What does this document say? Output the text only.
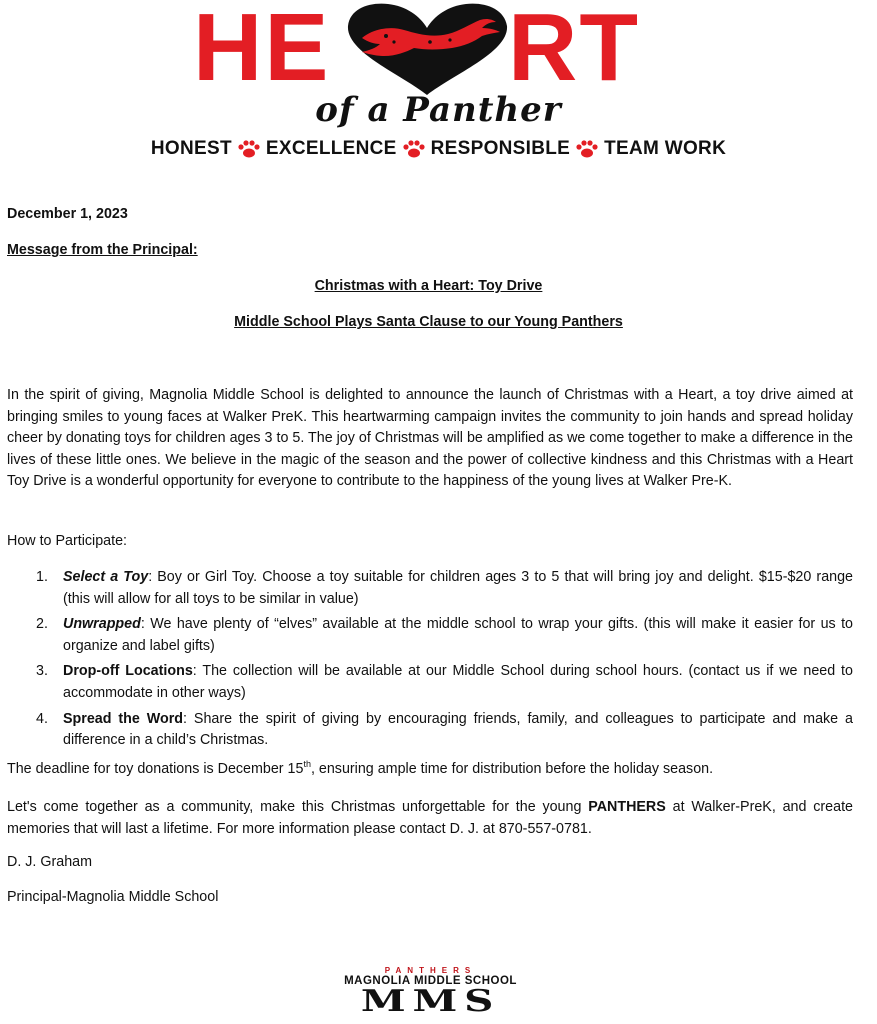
HE RT
of a Panther
HONEST EXCELLENCE RESPONSIBLE TEAM WORK
December 1, 2023
Message from the Principal:
Christmas with a Heart: Toy Drive
Middle School Plays Santa Clause to our Young Panthers

In the spirit of giving, Magnolia Middle School is delighted to announce the launch of Christmas with a Heart, a toy drive aimed at bringing smiles to young faces at Walker PreK. This heartwarming campaign invites the community to join hands and spread holiday cheer by donating toys for children ages 3 to 5. The joy of Christmas will be amplified as we come together to make a difference in the lives of these little ones. We believe in the magic of the season and the power of collective kindness and this Christmas with a Heart Toy Drive is a wonderful opportunity for everyone to contribute to the happiness of the young lives at Walker Pre-K.

How to Participate:
1. Select a Toy: Boy or Girl Toy. Choose a toy suitable for children ages 3 to 5 that will bring joy and delight. $15-$20 range (this will allow for all toys to be similar in value)
2. Unwrapped: We have plenty of “elves” available at the middle school to wrap your gifts. (this will make it easier for us to organize and label gifts)
3. Drop-off Locations: The collection will be available at our Middle School during school hours. (contact us if we need to accommodate in other ways)
4. Spread the Word: Share the spirit of giving by encouraging friends, family, and colleagues to participate and make a difference in a child’s Christmas.
The deadline for toy donations is December 15th, ensuring ample time for distribution before the holiday season.

Let's come together as a community, make this Christmas unforgettable for the young PANTHERS at Walker-PreK, and create memories that will last a lifetime. For more information please contact D. J. at 870-557-0781.

D. J. Graham
Principal-Magnolia Middle School
PANTHERS
MAGNOLIA MIDDLE SCHOOL
MMS
